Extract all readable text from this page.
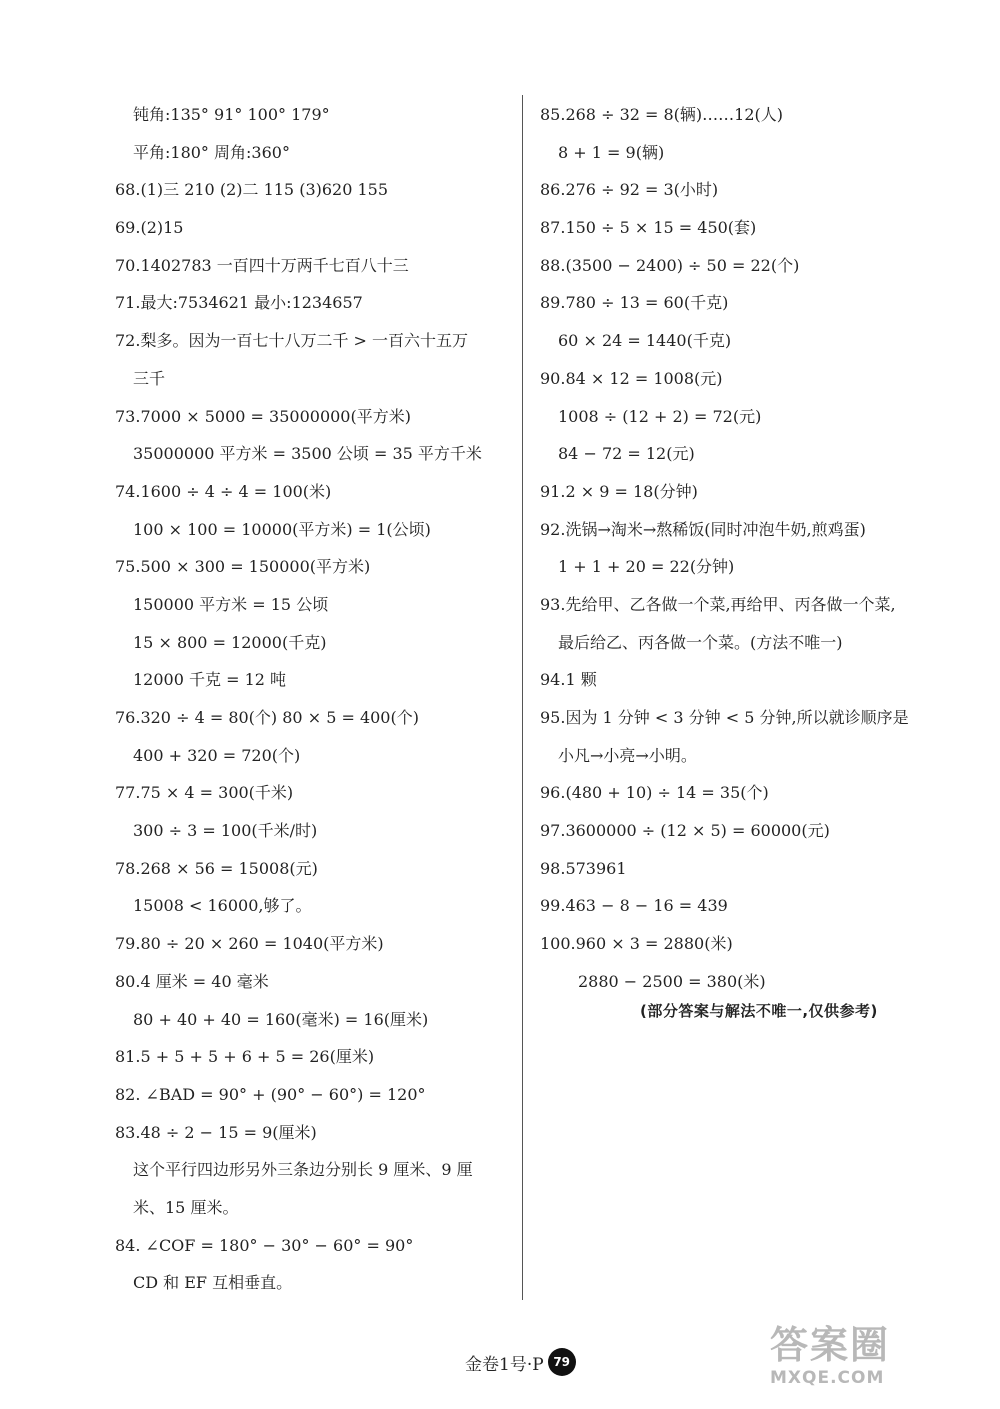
钝角:135° 91° 100° 179°
平角:180° 周角:360°
68.(1)三 210 (2)二 115 (3)620 155
69.(2)15
70.1402783 一百四十万两千七百八十三
71.最大:7534621 最小:1234657
72.梨多。因为一百七十八万二千 > 一百六十五万
三千
73.7000 × 5000 = 35000000(平方米)
35000000 平方米 = 3500 公顷 = 35 平方千米
74.1600 ÷ 4 ÷ 4 = 100(米)
100 × 100 = 10000(平方米) = 1(公顷)
75.500 × 300 = 150000(平方米)
150000 平方米 = 15 公顷
15 × 800 = 12000(千克)
12000 千克 = 12 吨
76.320 ÷ 4 = 80(个) 80 × 5 = 400(个)
400 + 320 = 720(个)
77.75 × 4 = 300(千米)
300 ÷ 3 = 100(千米/时)
78.268 × 56 = 15008(元)
15008 < 16000,够了。
79.80 ÷ 20 × 260 = 1040(平方米)
80.4 厘米 = 40 毫米
80 + 40 + 40 = 160(毫米) = 16(厘米)
81.5 + 5 + 5 + 6 + 5 = 26(厘米)
82. ∠BAD = 90° + (90° − 60°) = 120°
83.48 ÷ 2 − 15 = 9(厘米)
这个平行四边形另外三条边分别长 9 厘米、9 厘
米、15 厘米。
84. ∠COF = 180° − 30° − 60° = 90°
CD 和 EF 互相垂直。
85.268 ÷ 32 = 8(辆)……12(人)
8 + 1 = 9(辆)
86.276 ÷ 92 = 3(小时)
87.150 ÷ 5 × 15 = 450(套)
88.(3500 − 2400) ÷ 50 = 22(个)
89.780 ÷ 13 = 60(千克)
60 × 24 = 1440(千克)
90.84 × 12 = 1008(元)
1008 ÷ (12 + 2) = 72(元)
84 − 72 = 12(元)
91.2 × 9 = 18(分钟)
92.洗锅→淘米→熬稀饭(同时冲泡牛奶,煎鸡蛋)
1 + 1 + 20 = 22(分钟)
93.先给甲、乙各做一个菜,再给甲、丙各做一个菜,
最后给乙、丙各做一个菜。(方法不唯一)
94.1 颗
95.因为 1 分钟 < 3 分钟 < 5 分钟,所以就诊顺序是
小凡→小亮→小明。
96.(480 + 10) ÷ 14 = 35(个)
97.3600000 ÷ (12 × 5) = 60000(元)
98.573961
99.463 − 8 − 16 = 439
100.960 × 3 = 2880(米)
2880 − 2500 = 380(米)
(部分答案与解法不唯一,仅供参考)
金卷1号·P 79	答案圈
MXQE.COM
